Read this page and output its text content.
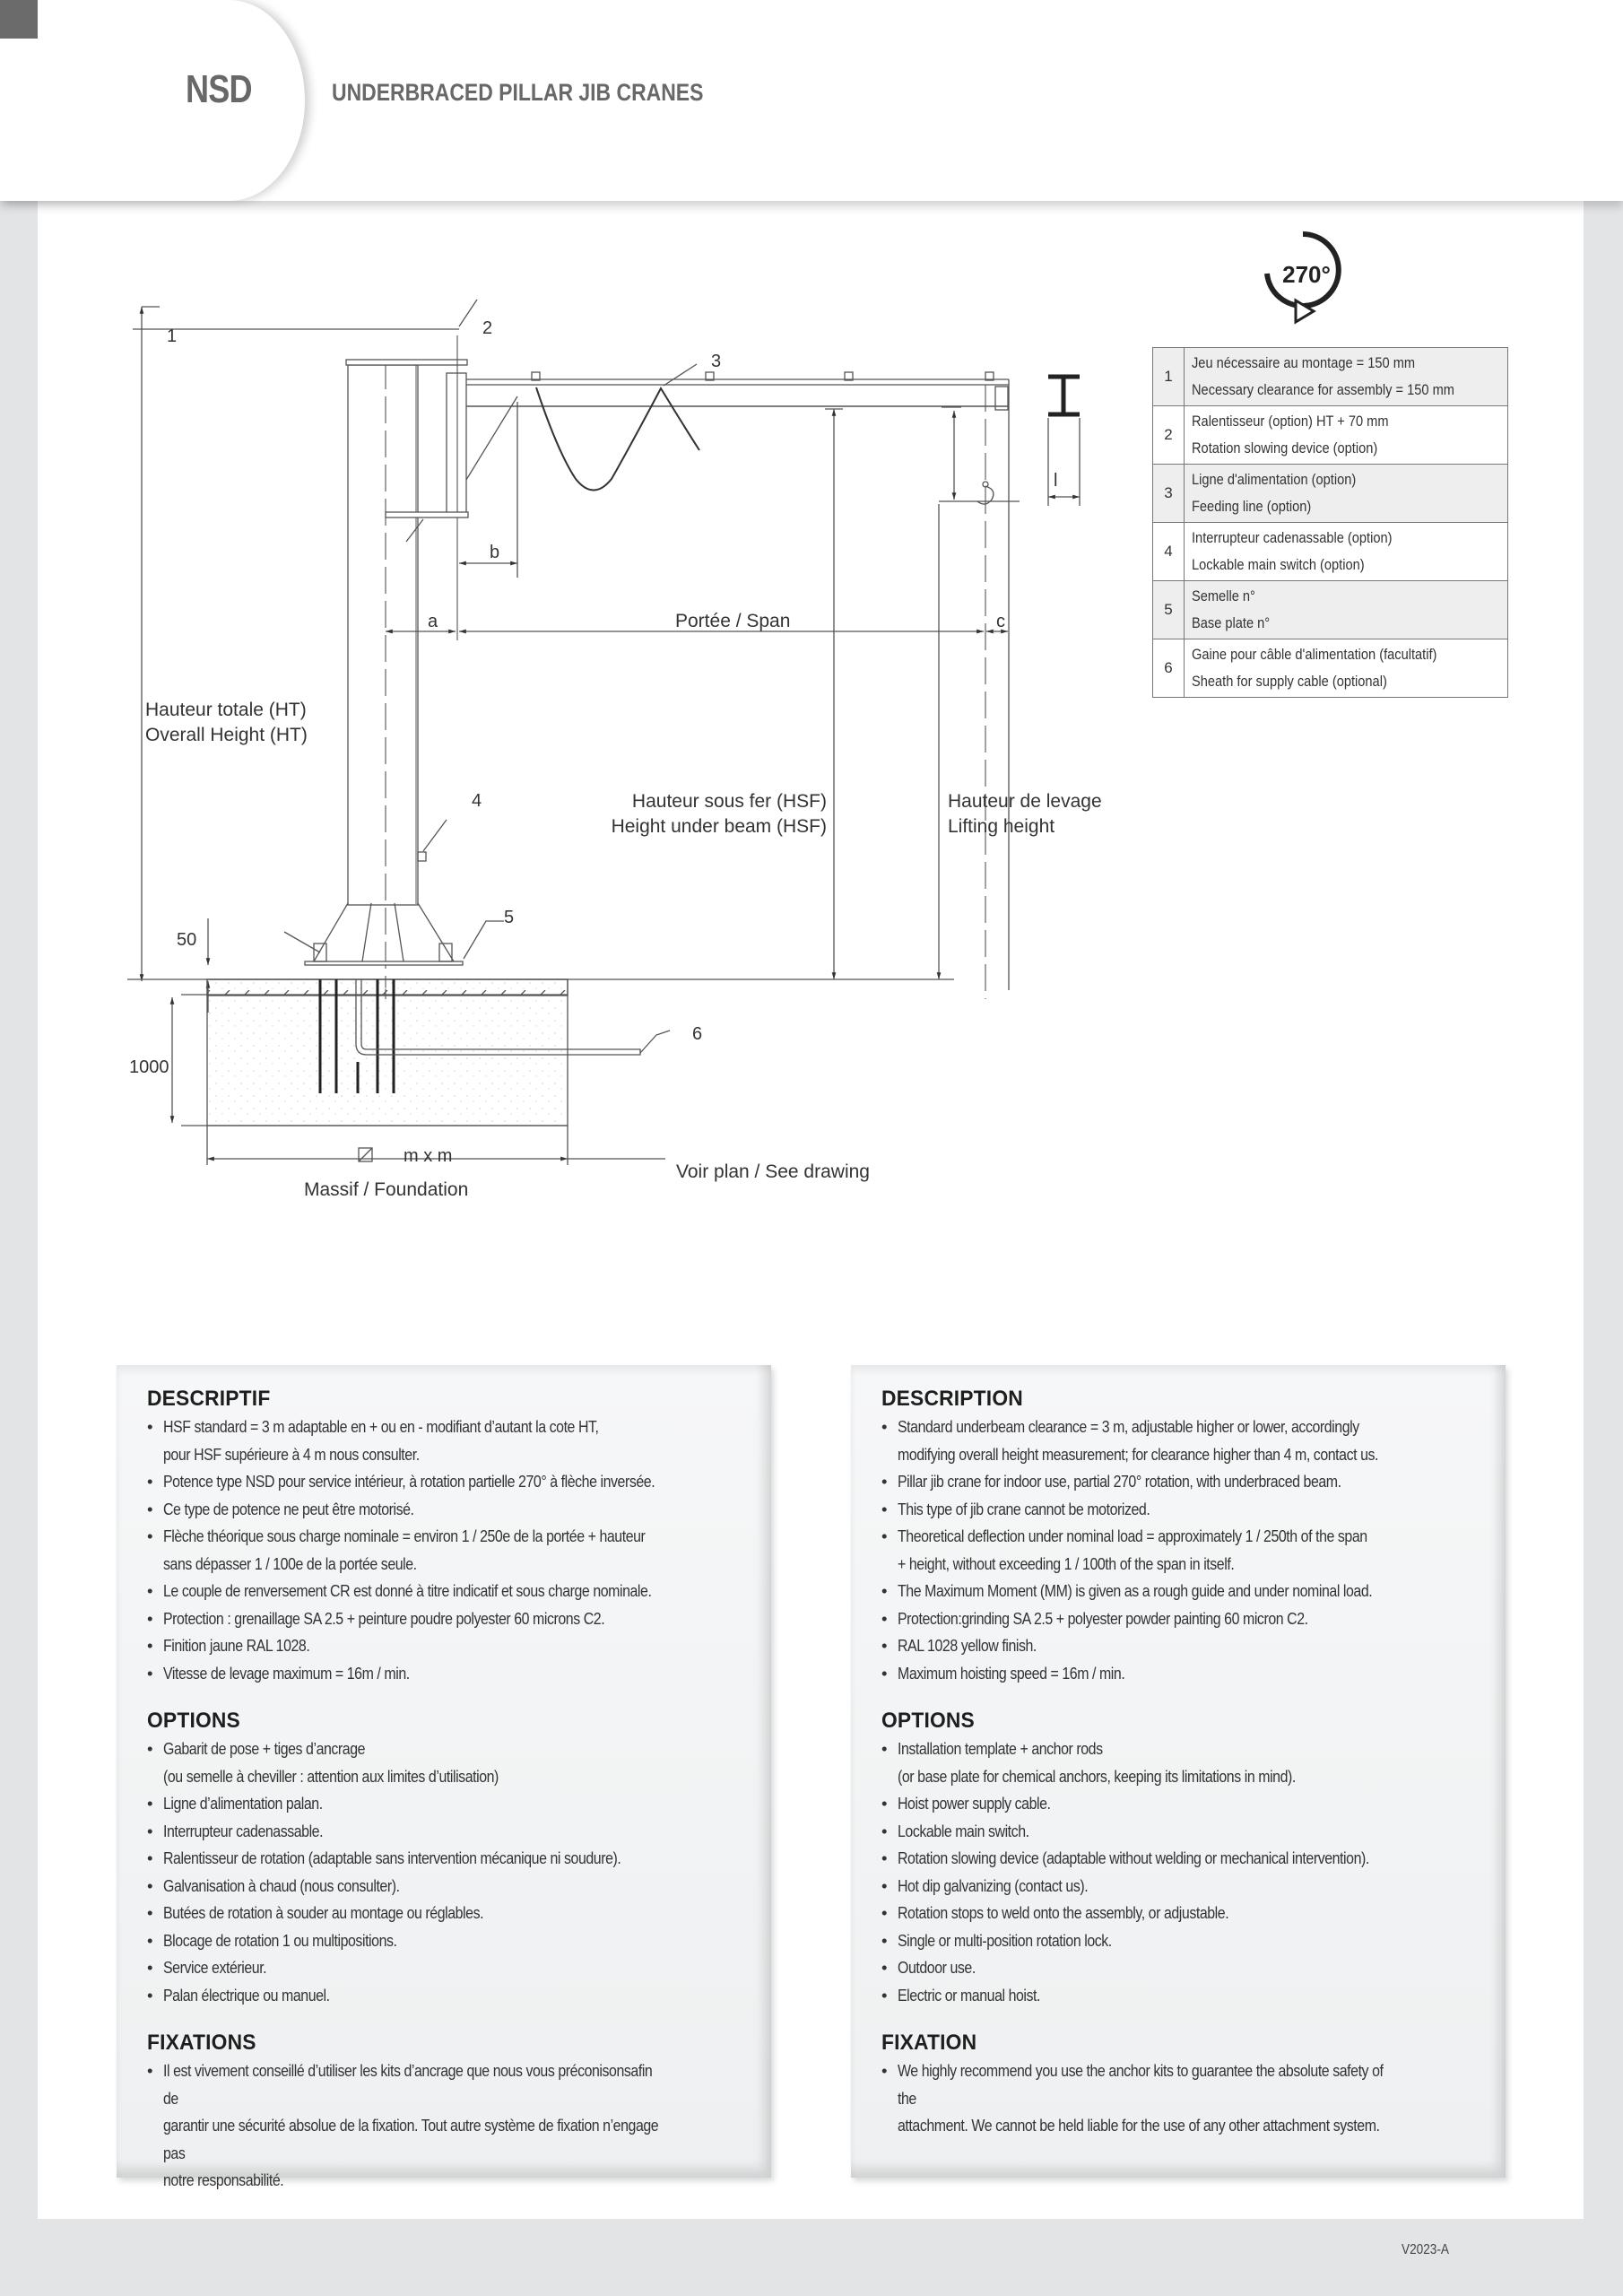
NSD	UNDERBRACED PILLAR JIB CRANES
1	2
3
4
5
6
b
a	Portée / Span	c
l
Hauteur totale (HT)
Overall Height (HT)
Hauteur sous fer (HSF)
Height under beam (HSF)
Hauteur de levage
Lifting height
50
1000
m x m
Massif / Foundation
Voir plan / See drawing
270°
1	Jeu nécessaire au montage = 150 mm
Necessary clearance for assembly = 150 mm

2	Ralentisseur (option) HT + 70 mm
Rotation slowing device (option)

3	Ligne d'alimentation (option)
Feeding line (option)

4	Interrupteur cadenassable (option)
Lockable main switch (option)

5	Semelle n°
Base plate n°

6	Gaine pour câble d'alimentation (facultatif)
Sheath for supply cable (optional)
DESCRIPTIF
• HSF standard = 3 m adaptable en + ou en - modifiant d’autant la cote HT,
pour HSF supérieure à 4 m nous consulter.
• Potence type NSD pour service intérieur, à rotation partielle 270° à flèche inversée.
• Ce type de potence ne peut être motorisé.
• Flèche théorique sous charge nominale = environ 1 / 250e de la portée + hauteur
sans dépasser 1 / 100e de la portée seule.
• Le couple de renversement CR est donné à titre indicatif et sous charge nominale.
• Protection : grenaillage SA 2.5 + peinture poudre polyester 60 microns C2.
• Finition jaune RAL 1028.
• Vitesse de levage maximum = 16m / min.
OPTIONS
• Gabarit de pose + tiges d’ancrage
(ou semelle à cheviller : attention aux limites d’utilisation)
• Ligne d’alimentation palan.
• Interrupteur cadenassable.
• Ralentisseur de rotation (adaptable sans intervention mécanique ni soudure).
• Galvanisation à chaud (nous consulter).
• Butées de rotation à souder au montage ou réglables.
• Blocage de rotation 1 ou multipositions.
• Service extérieur.
• Palan électrique ou manuel.
FIXATIONS
• Il est vivement conseillé d’utiliser les kits d’ancrage que nous vous préconisonsafin de
garantir une sécurité absolue de la fixation. Tout autre système de fixation n’engage pas
notre responsabilité.
DESCRIPTION
• Standard underbeam clearance = 3 m, adjustable higher or lower, accordingly
modifying overall height measurement; for clearance higher than 4 m, contact us.
• Pillar jib crane for indoor use, partial 270° rotation, with underbraced beam.
• This type of jib crane cannot be motorized.
• Theoretical deflection under nominal load = approximately 1 / 250th of the span
+ height, without exceeding 1 / 100th of the span in itself.
• The Maximum Moment (MM) is given as a rough guide and under nominal load.
• Protection:grinding SA 2.5 + polyester powder painting 60 micron C2.
• RAL 1028 yellow finish.
• Maximum hoisting speed = 16m / min.
OPTIONS
• Installation template + anchor rods
(or base plate for chemical anchors, keeping its limitations in mind).
• Hoist power supply cable.
• Lockable main switch.
• Rotation slowing device (adaptable without welding or mechanical intervention).
• Hot dip galvanizing (contact us).
• Rotation stops to weld onto the assembly, or adjustable.
• Single or multi-position rotation lock.
• Outdoor use.
• Electric or manual hoist.
FIXATION
• We highly recommend you use the anchor kits to guarantee the absolute safety of the
attachment. We cannot be held liable for the use of any other attachment system.
V2023-A
